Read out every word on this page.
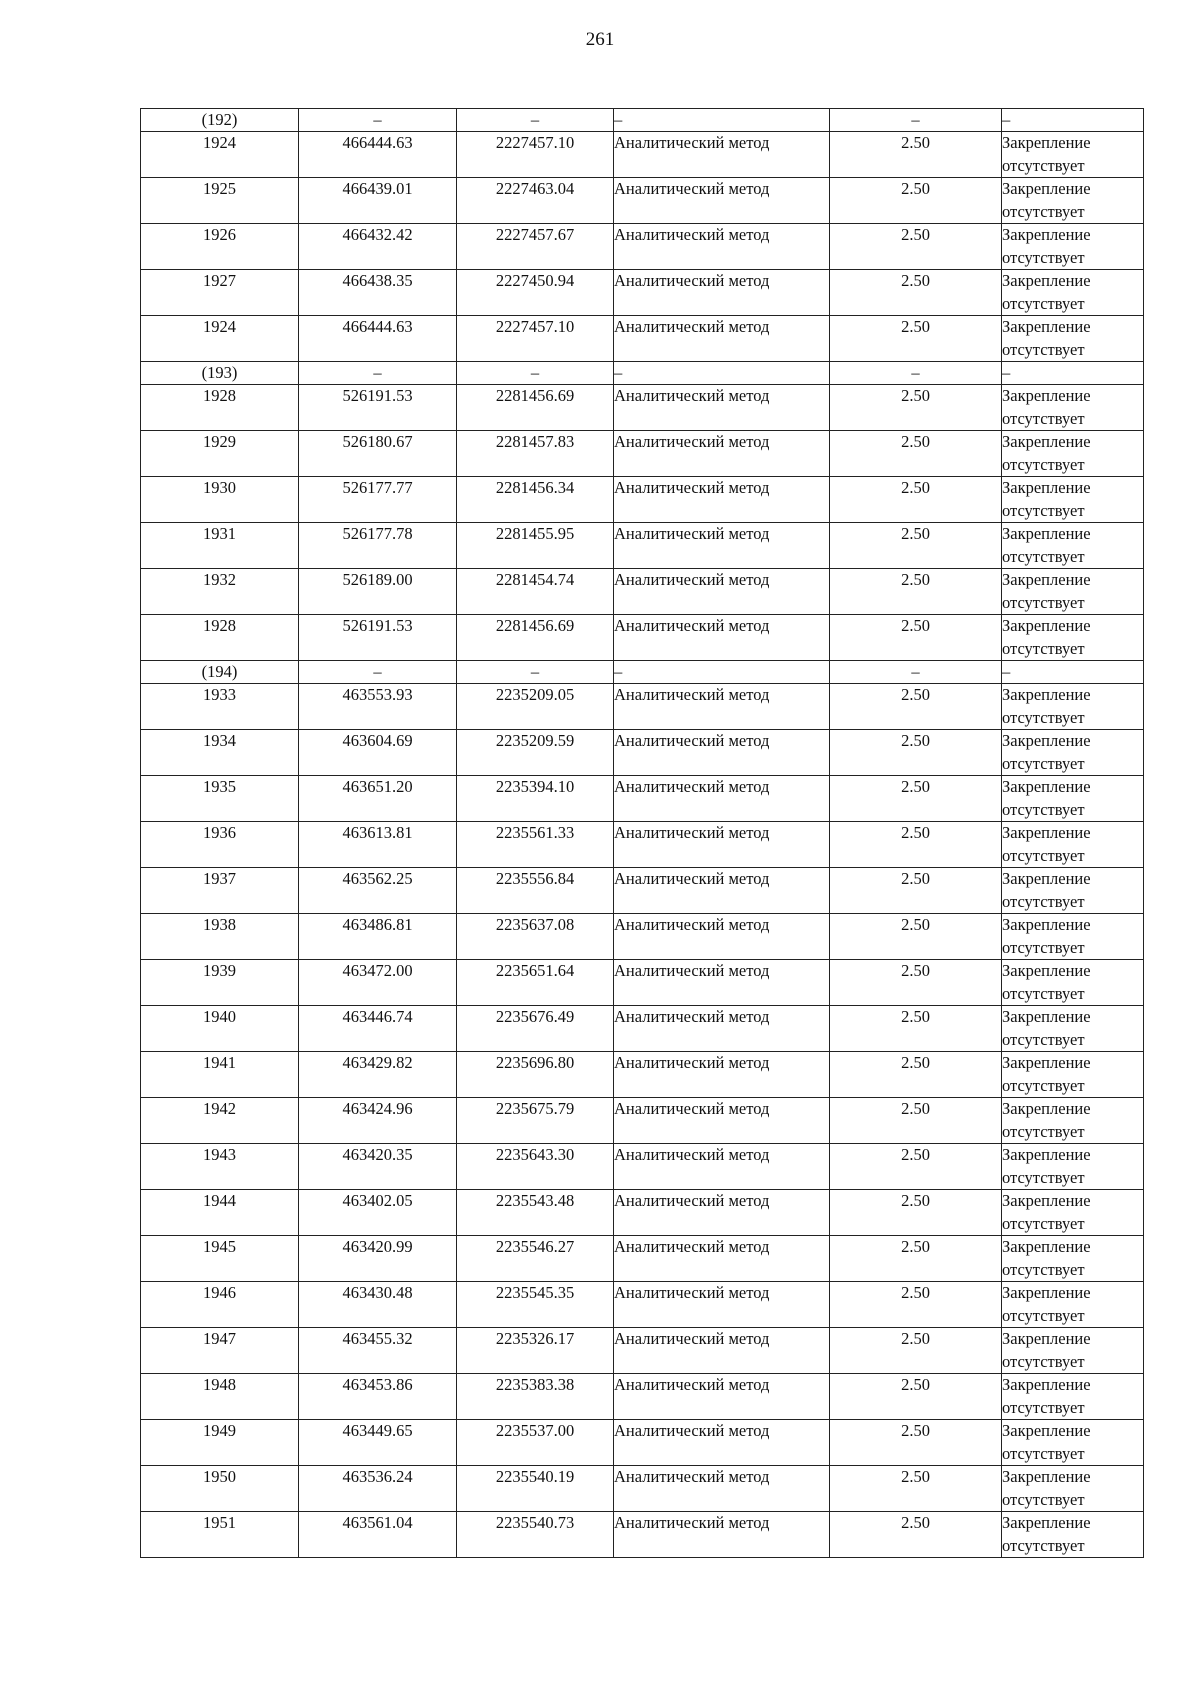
261
(192)	–	–	–	–	–
1924	466444.63	2227457.10	Аналитический метод	2.50	Закрепление
отсутствует

1925	466439.01	2227463.04	Аналитический метод	2.50	Закрепление
отсутствует

1926	466432.42	2227457.67	Аналитический метод	2.50	Закрепление
отсутствует

1927	466438.35	2227450.94	Аналитический метод	2.50	Закрепление
отсутствует

1924	466444.63	2227457.10	Аналитический метод	2.50	Закрепление
отсутствует

(193)	–	–	–	–	–
1928	526191.53	2281456.69	Аналитический метод	2.50	Закрепление
отсутствует

1929	526180.67	2281457.83	Аналитический метод	2.50	Закрепление
отсутствует

1930	526177.77	2281456.34	Аналитический метод	2.50	Закрепление
отсутствует

1931	526177.78	2281455.95	Аналитический метод	2.50	Закрепление
отсутствует

1932	526189.00	2281454.74	Аналитический метод	2.50	Закрепление
отсутствует

1928	526191.53	2281456.69	Аналитический метод	2.50	Закрепление
отсутствует

(194)	–	–	–	–	–
1933	463553.93	2235209.05	Аналитический метод	2.50	Закрепление
отсутствует

1934	463604.69	2235209.59	Аналитический метод	2.50	Закрепление
отсутствует

1935	463651.20	2235394.10	Аналитический метод	2.50	Закрепление
отсутствует

1936	463613.81	2235561.33	Аналитический метод	2.50	Закрепление
отсутствует

1937	463562.25	2235556.84	Аналитический метод	2.50	Закрепление
отсутствует

1938	463486.81	2235637.08	Аналитический метод	2.50	Закрепление
отсутствует

1939	463472.00	2235651.64	Аналитический метод	2.50	Закрепление
отсутствует

1940	463446.74	2235676.49	Аналитический метод	2.50	Закрепление
отсутствует

1941	463429.82	2235696.80	Аналитический метод	2.50	Закрепление
отсутствует

1942	463424.96	2235675.79	Аналитический метод	2.50	Закрепление
отсутствует

1943	463420.35	2235643.30	Аналитический метод	2.50	Закрепление
отсутствует

1944	463402.05	2235543.48	Аналитический метод	2.50	Закрепление
отсутствует

1945	463420.99	2235546.27	Аналитический метод	2.50	Закрепление
отсутствует

1946	463430.48	2235545.35	Аналитический метод	2.50	Закрепление
отсутствует

1947	463455.32	2235326.17	Аналитический метод	2.50	Закрепление
отсутствует

1948	463453.86	2235383.38	Аналитический метод	2.50	Закрепление
отсутствует

1949	463449.65	2235537.00	Аналитический метод	2.50	Закрепление
отсутствует

1950	463536.24	2235540.19	Аналитический метод	2.50	Закрепление
отсутствует

1951	463561.04	2235540.73	Аналитический метод	2.50	Закрепление
отсутствует
